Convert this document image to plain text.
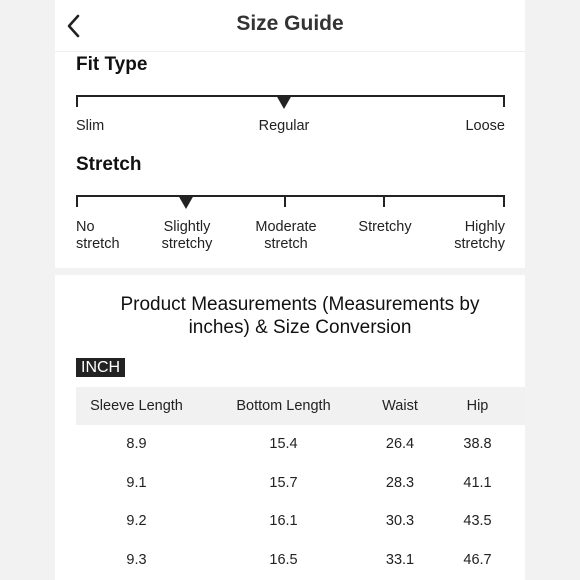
Size Guide
Fit Type
Slim	Regular	Loose
Stretch
No
stretch
Slightly
stretchy
Moderate
stretch
Stretchy	Highly
stretchy
Product Measurements (Measurements by
inches) & Size Conversion
INCH
Sleeve Length	Bottom Length	Waist	Hip
8.9	15.4	26.4	38.8
9.1	15.7	28.3	41.1
9.2	16.1	30.3	43.5
9.3	16.5	33.1	46.7
